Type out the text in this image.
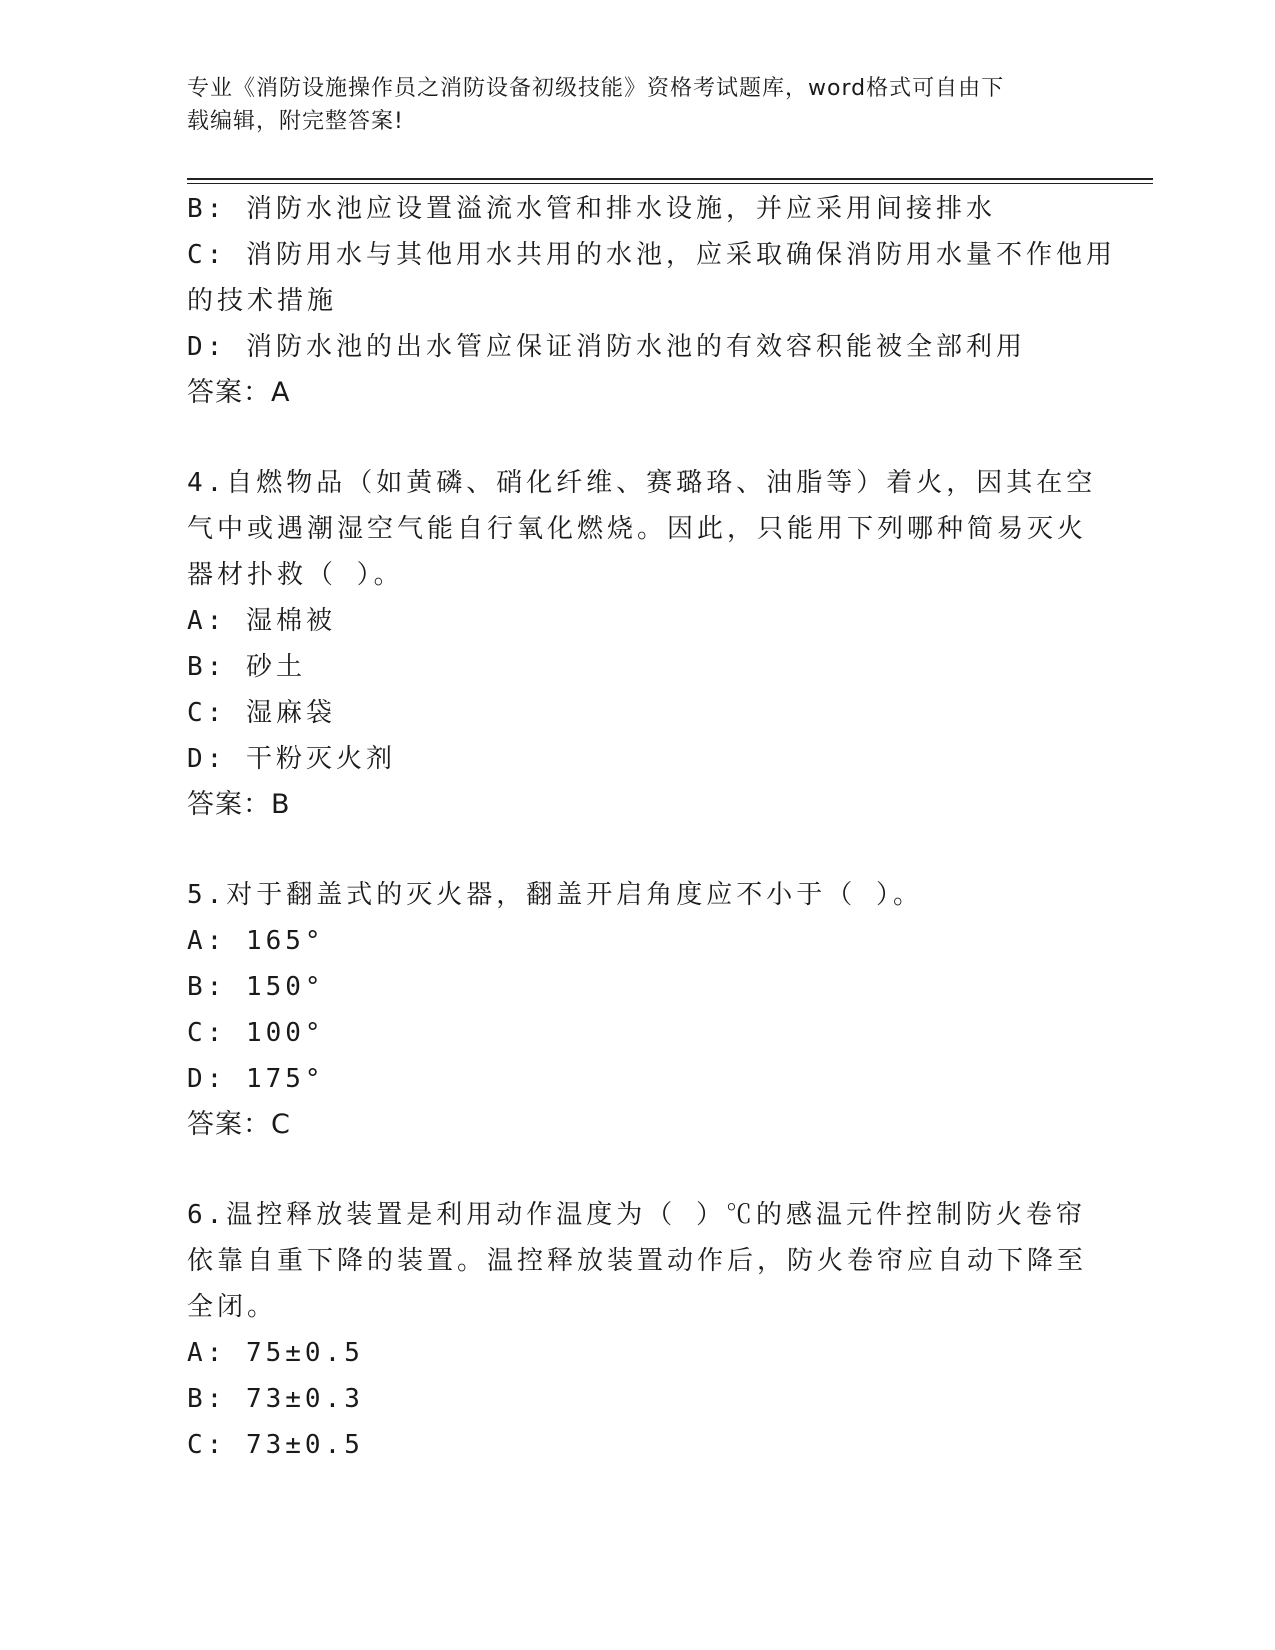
专业《消防设施操作员之消防设备初级技能》资格考试题库，word格式可自由下
载编辑，附完整答案!
B: 消防水池应设置溢流水管和排水设施，并应采用间接排水
C: 消防用水与其他用水共用的水池，应采取确保消防用水量不作他用
的技术措施
D: 消防水池的出水管应保证消防水池的有效容积能被全部利用
答案：A
4.自燃物品（如黄磷、硝化纤维、赛璐珞、油脂等）着火，因其在空
气中或遇潮湿空气能自行氧化燃烧。因此，只能用下列哪种简易灭火
器材扑救（ ）。
A: 湿棉被
B: 砂土
C: 湿麻袋
D: 干粉灭火剂
答案：B
5.对于翻盖式的灭火器，翻盖开启角度应不小于（ ）。
A: 165°
B: 150°
C: 100°
D: 175°
答案：C
6.温控释放装置是利用动作温度为（ ）℃的感温元件控制防火卷帘
依靠自重下降的装置。温控释放装置动作后，防火卷帘应自动下降至
全闭。
A: 75±0.5
B: 73±0.3
C: 73±0.5
